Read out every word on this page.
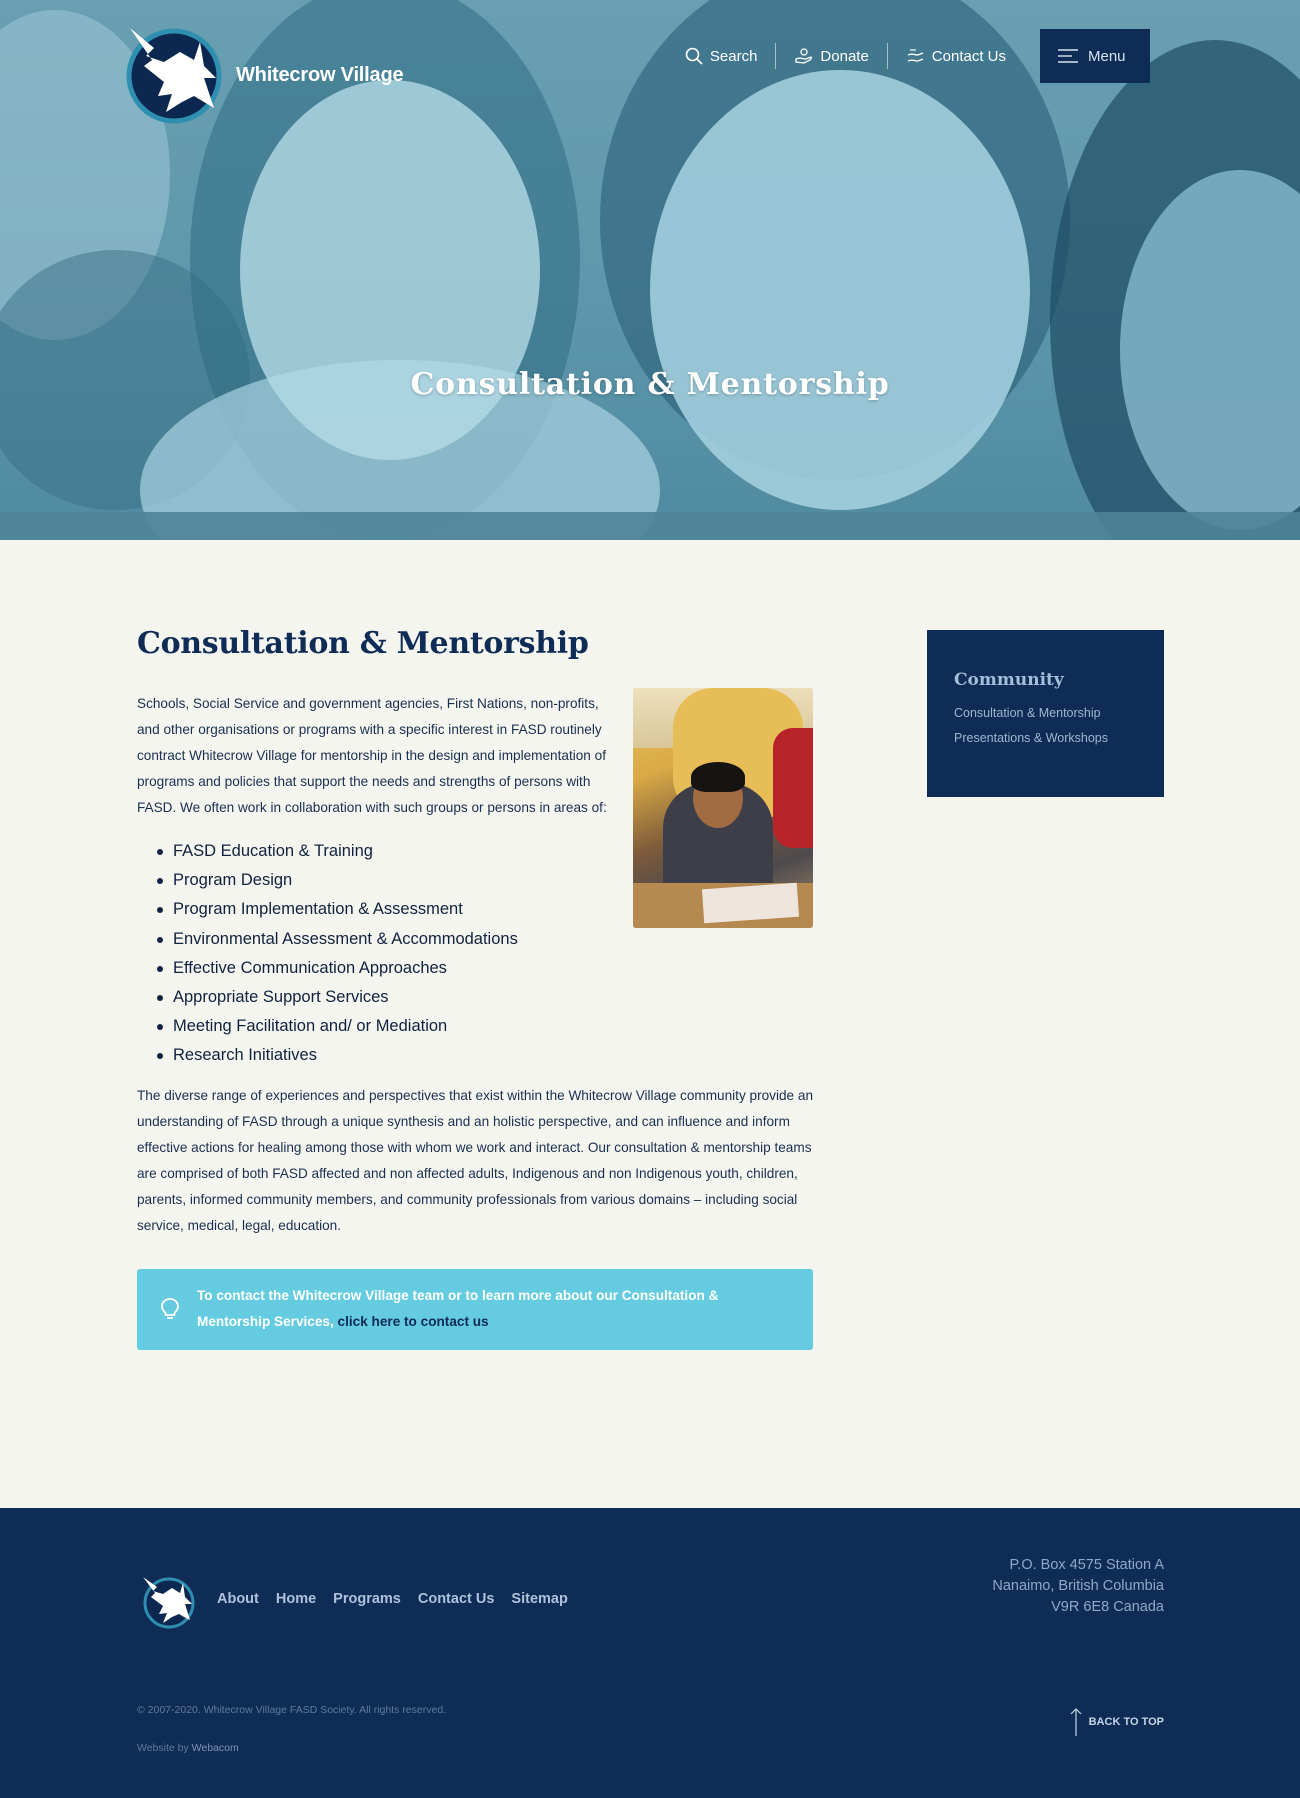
Whitecrow Village
Search	Donate	Contact Us	Menu
Consultation & Mentorship
Consultation & Mentorship

Schools, Social Service and government agencies, First Nations, non-profits, and other organisations or programs with a specific interest in FASD routinely contract Whitecrow Village for mentorship in the design and implementation of programs and policies that support the needs and strengths of persons with FASD. We often work in collaboration with such groups or persons in areas of:

FASD Education & Training
Program Design
Program Implementation & Assessment
Environmental Assessment & Accommodations
Effective Communication Approaches
Appropriate Support Services
Meeting Facilitation and/ or Mediation
Research Initiatives

The diverse range of experiences and perspectives that exist within the Whitecrow Village community provide an understanding of FASD through a unique synthesis and an holistic perspective, and can influence and inform effective actions for healing among those with whom we work and interact. Our consultation & mentorship teams are comprised of both FASD affected and non affected adults, Indigenous and non Indigenous youth, children, parents, informed community members, and community professionals from various domains – including social service, medical, legal, education.

To contact the Whitecrow Village team or to learn more about our Consultation & Mentorship Services, click here to contact us

Community
Consultation & Mentorship
Presentations & Workshops
About Home Programs Contact Us Sitemap
P.O. Box 4575 Station A
Nanaimo, British Columbia
V9R 6E8 Canada
© 2007-2020. Whitecrow Village FASD Society. All rights reserved.
Website by Webacom
BACK TO TOP
